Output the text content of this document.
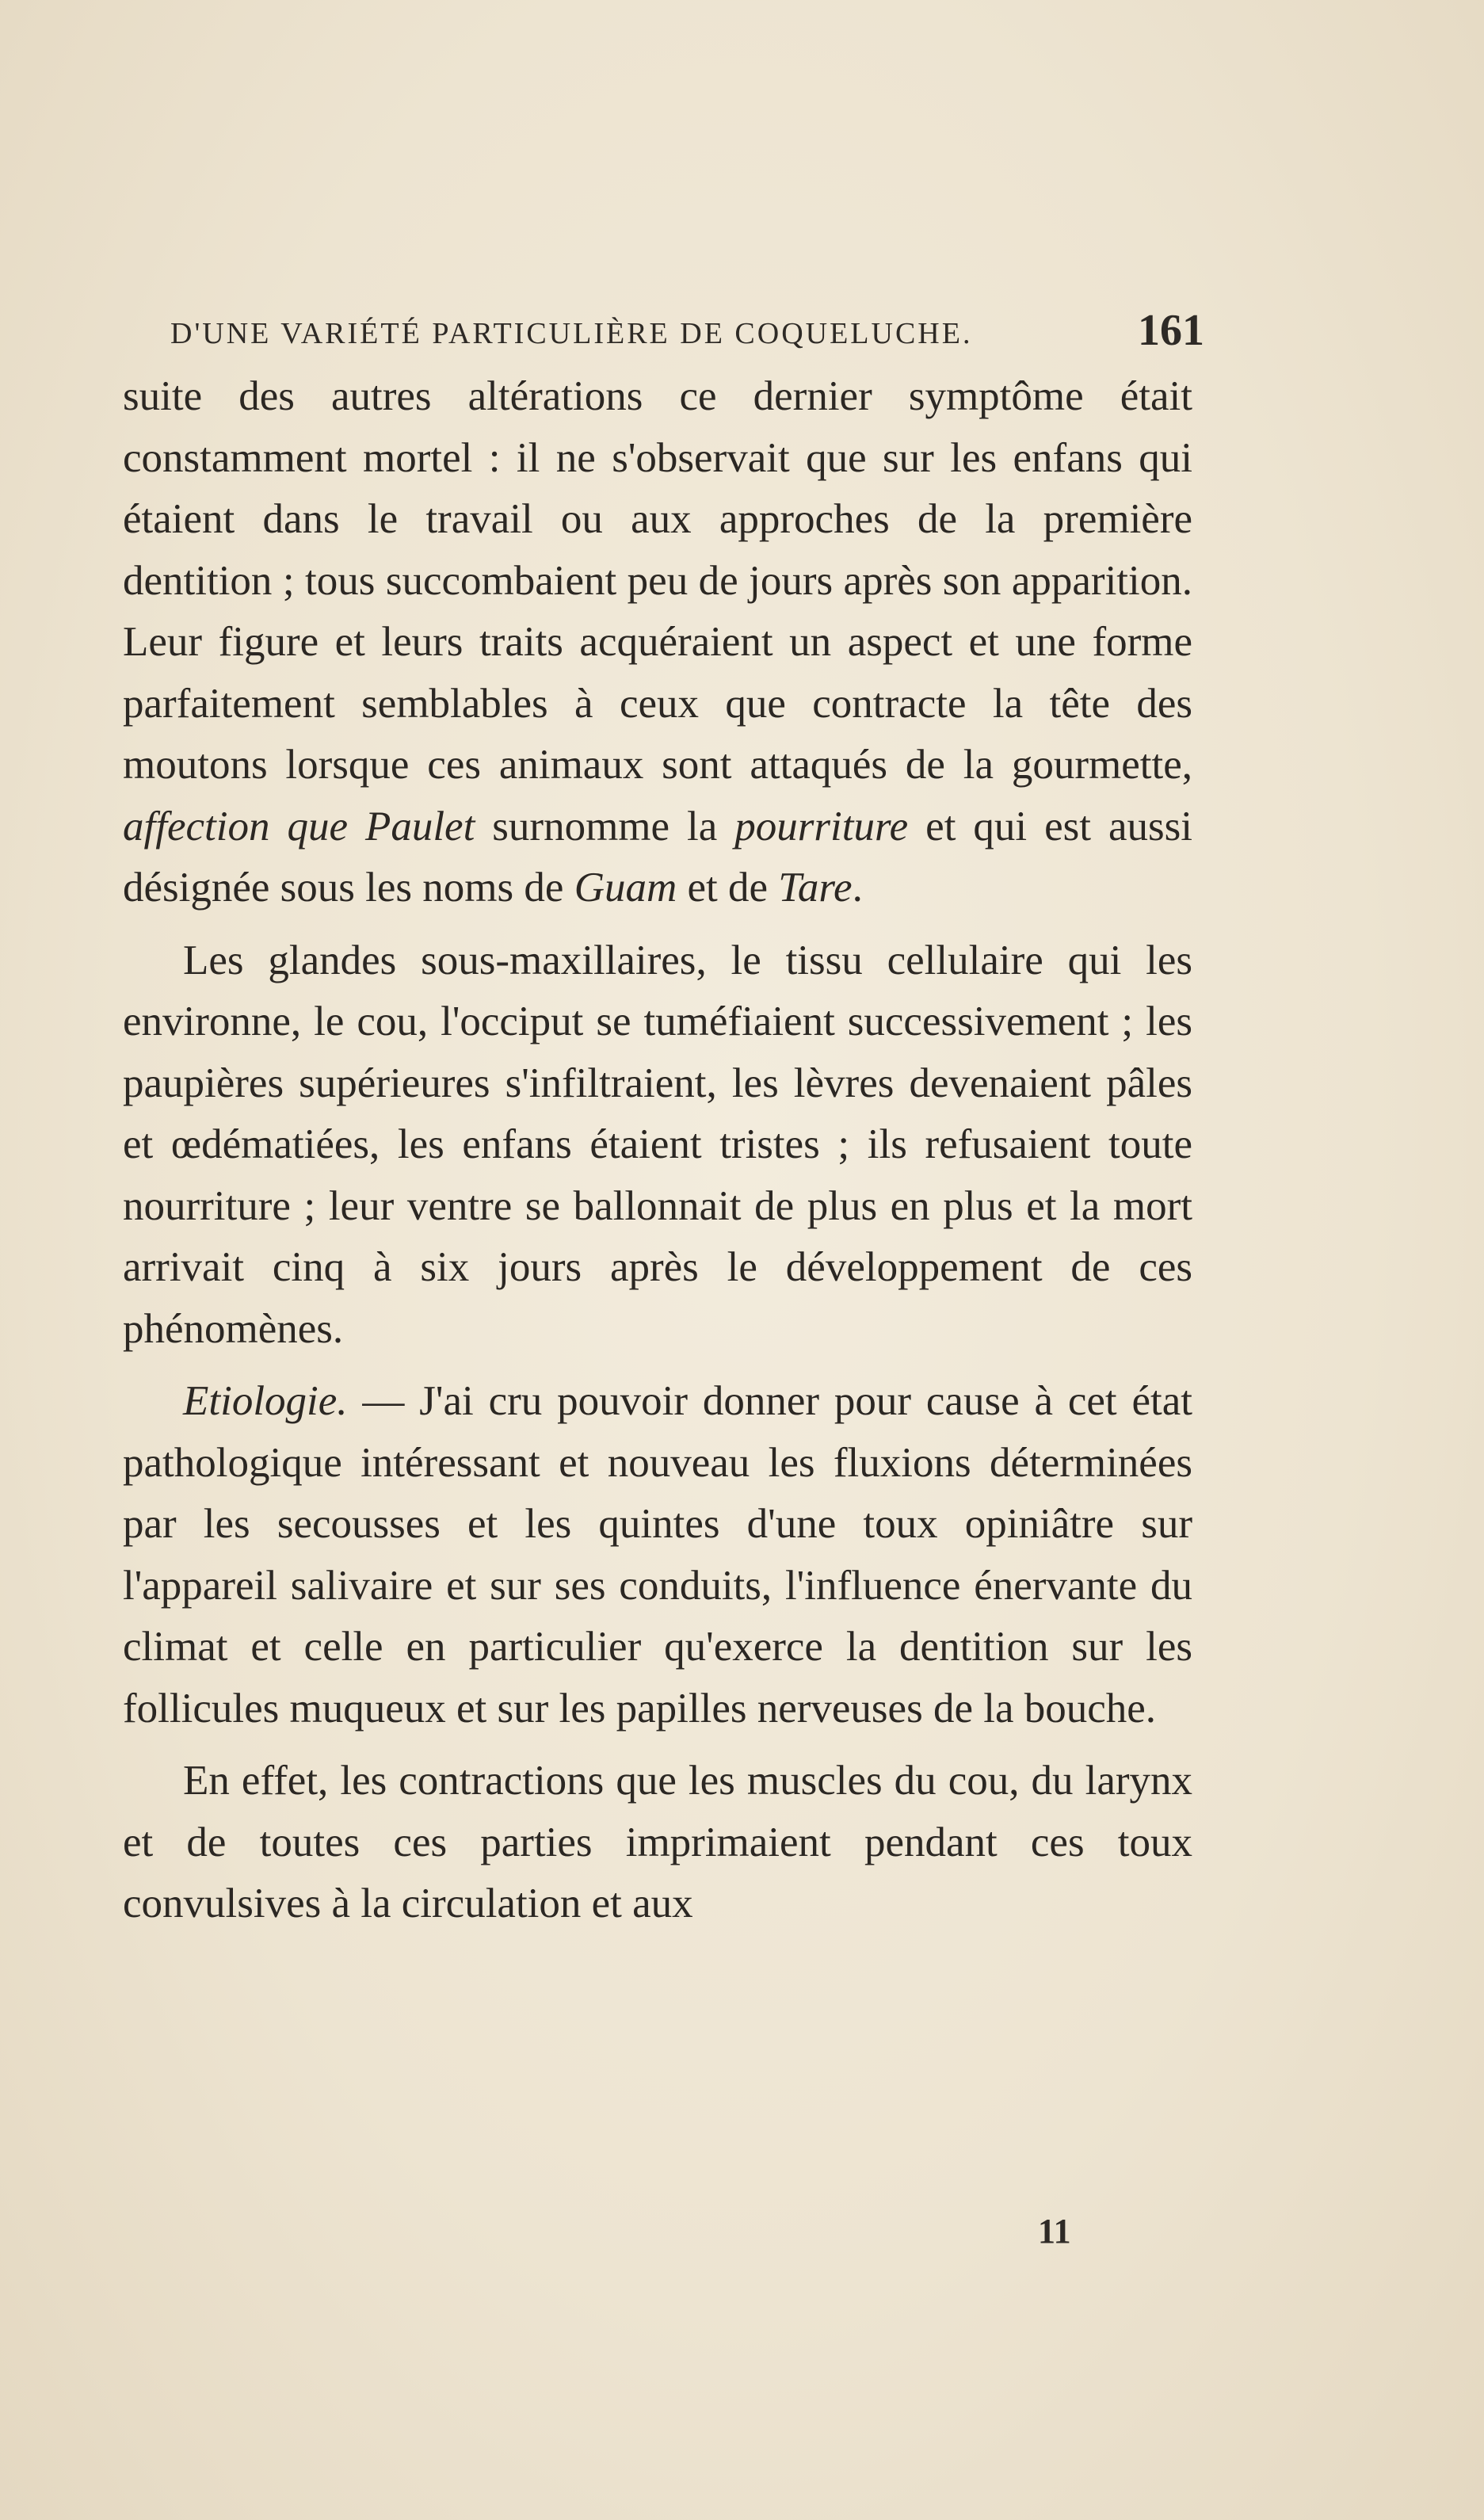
D'UNE VARIÉTÉ PARTICULIÈRE DE COQUELUCHE.	161

suite des autres altérations ce dernier symptôme était constamment mortel : il ne s'observait que sur les enfans qui étaient dans le travail ou aux approches de la première dentition ; tous succombaient peu de jours après son apparition. Leur figure et leurs traits acquéraient un aspect et une forme parfaitement semblables à ceux que contracte la tête des moutons lorsque ces animaux sont attaqués de la gourmette, affection que Paulet surnomme la pourriture et qui est aussi désignée sous les noms de Guam et de Tare.

Les glandes sous-maxillaires, le tissu cellulaire qui les environne, le cou, l'occiput se tuméfiaient successivement ; les paupières supérieures s'infiltraient, les lèvres devenaient pâles et œdématiées, les enfans étaient tristes ; ils refusaient toute nourriture ; leur ventre se ballonnait de plus en plus et la mort arrivait cinq à six jours après le développement de ces phénomènes.

Etiologie. — J'ai cru pouvoir donner pour cause à cet état pathologique intéressant et nouveau les fluxions déterminées par les secousses et les quintes d'une toux opiniâtre sur l'appareil salivaire et sur ses conduits, l'influence énervante du climat et celle en particulier qu'exerce la dentition sur les follicules muqueux et sur les papilles nerveuses de la bouche.

En effet, les contractions que les muscles du cou, du larynx et de toutes ces parties imprimaient pendant ces toux convulsives à la circulation et aux

11
